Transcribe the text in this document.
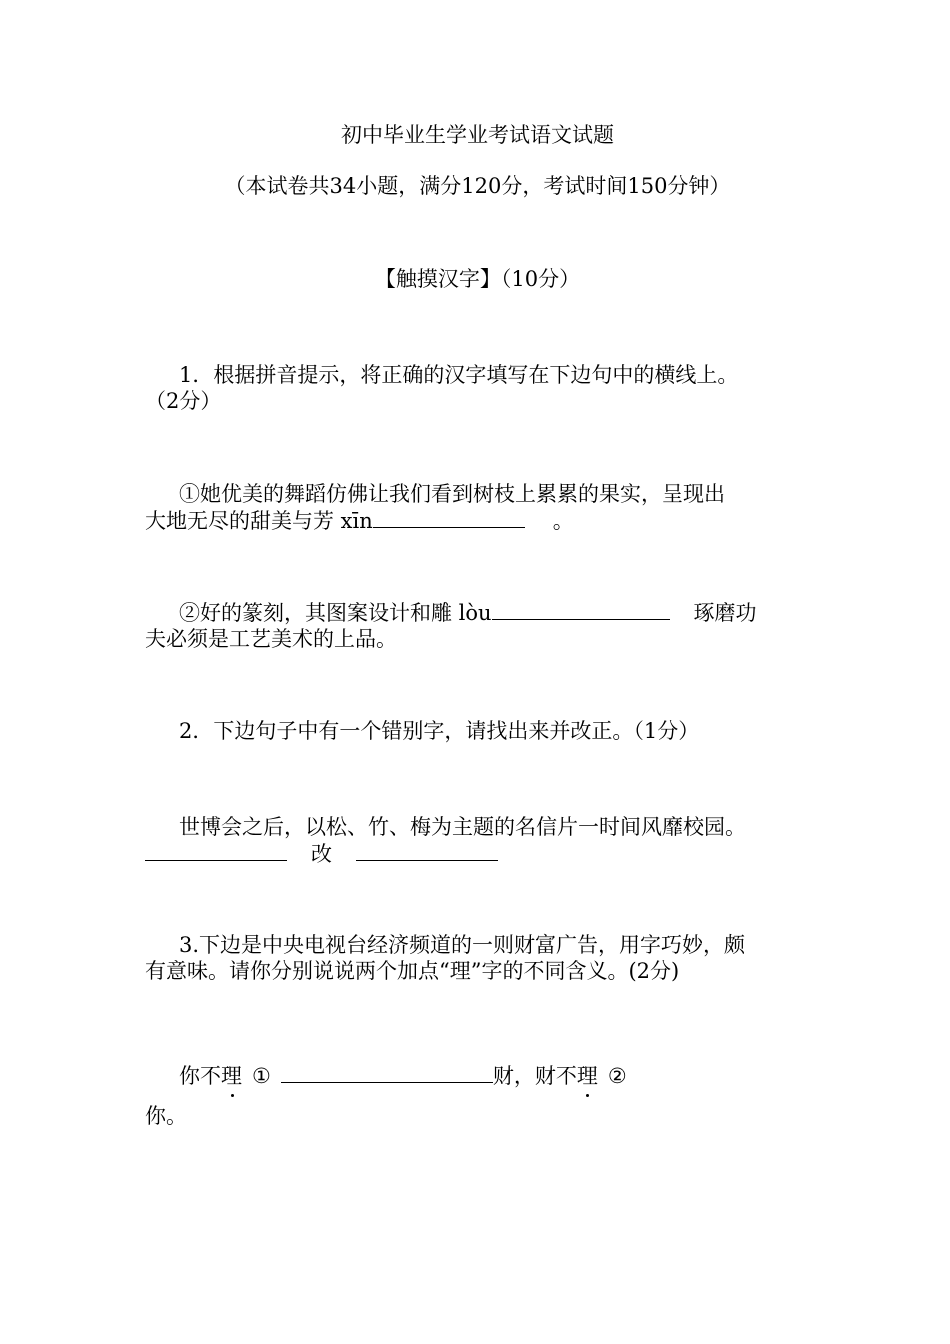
初中毕业生学业考试语文试题
（本试卷共34小题，满分120分，考试时间150分钟）
【触摸汉字】（10分）
1．根据拼音提示，将正确的汉字填写在下边句中的横线上。
（2分）
①她优美的舞蹈仿佛让我们看到树枝上累累的果实，呈现出
大地无尽的甜美与芳 xīn	。
②好的篆刻，其图案设计和雕 lòu	琢磨功
夫必须是工艺美术的上品。
2．下边句子中有一个错别字，请找出来并改正。（1分）
世博会之后，以松、竹、梅为主题的名信片一时间风靡校园。
改
3.下边是中央电视台经济频道的一则财富广告，用字巧妙，颇
有意味。请你分别说说两个加点“理”字的不同含义。(2分)
你不理 ①	财，财不理 ②
你。
